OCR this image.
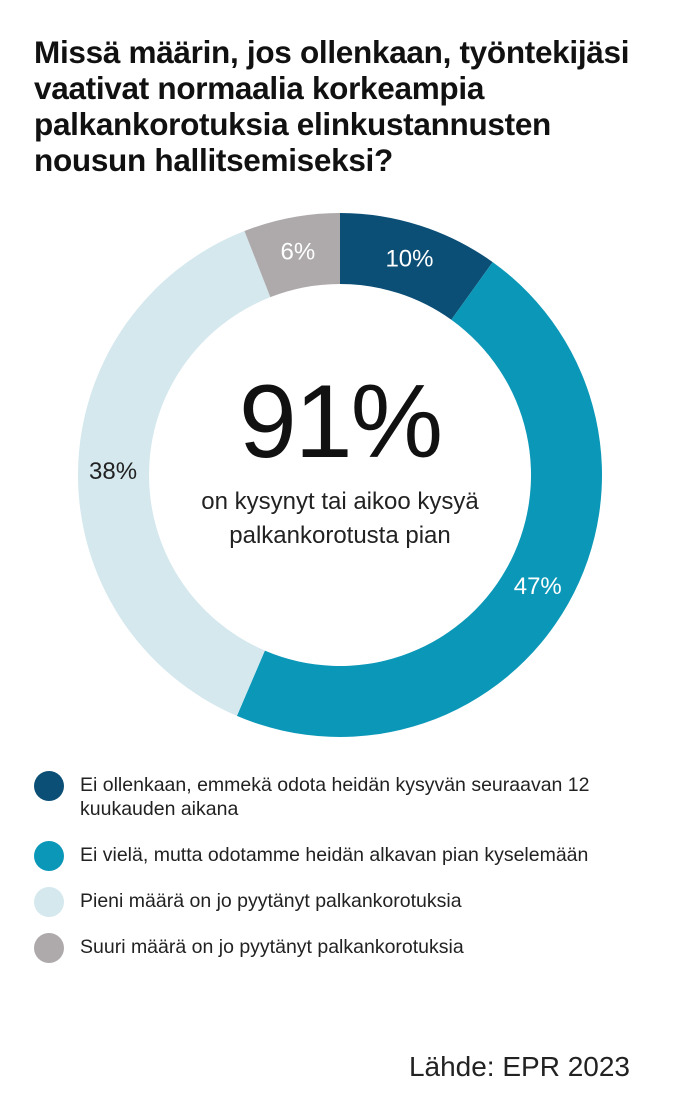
Missä määrin, jos ollenkaan, työntekijäsi vaativat normaalia korkeampia palkankorotuksia elinkustannusten nousun hallitsemiseksi?
10%
47%
38%
6%
91%
on kysynyt tai aikoo kysyä palkankorotusta pian
Ei ollenkaan, emmekä odota heidän kysyvän seuraavan 12 kuukauden aikana
Ei vielä, mutta odotamme heidän alkavan pian kyselemään
Pieni määrä on jo pyytänyt palkankorotuksia
Suuri määrä on jo pyytänyt palkankorotuksia
Lähde: EPR 2023
